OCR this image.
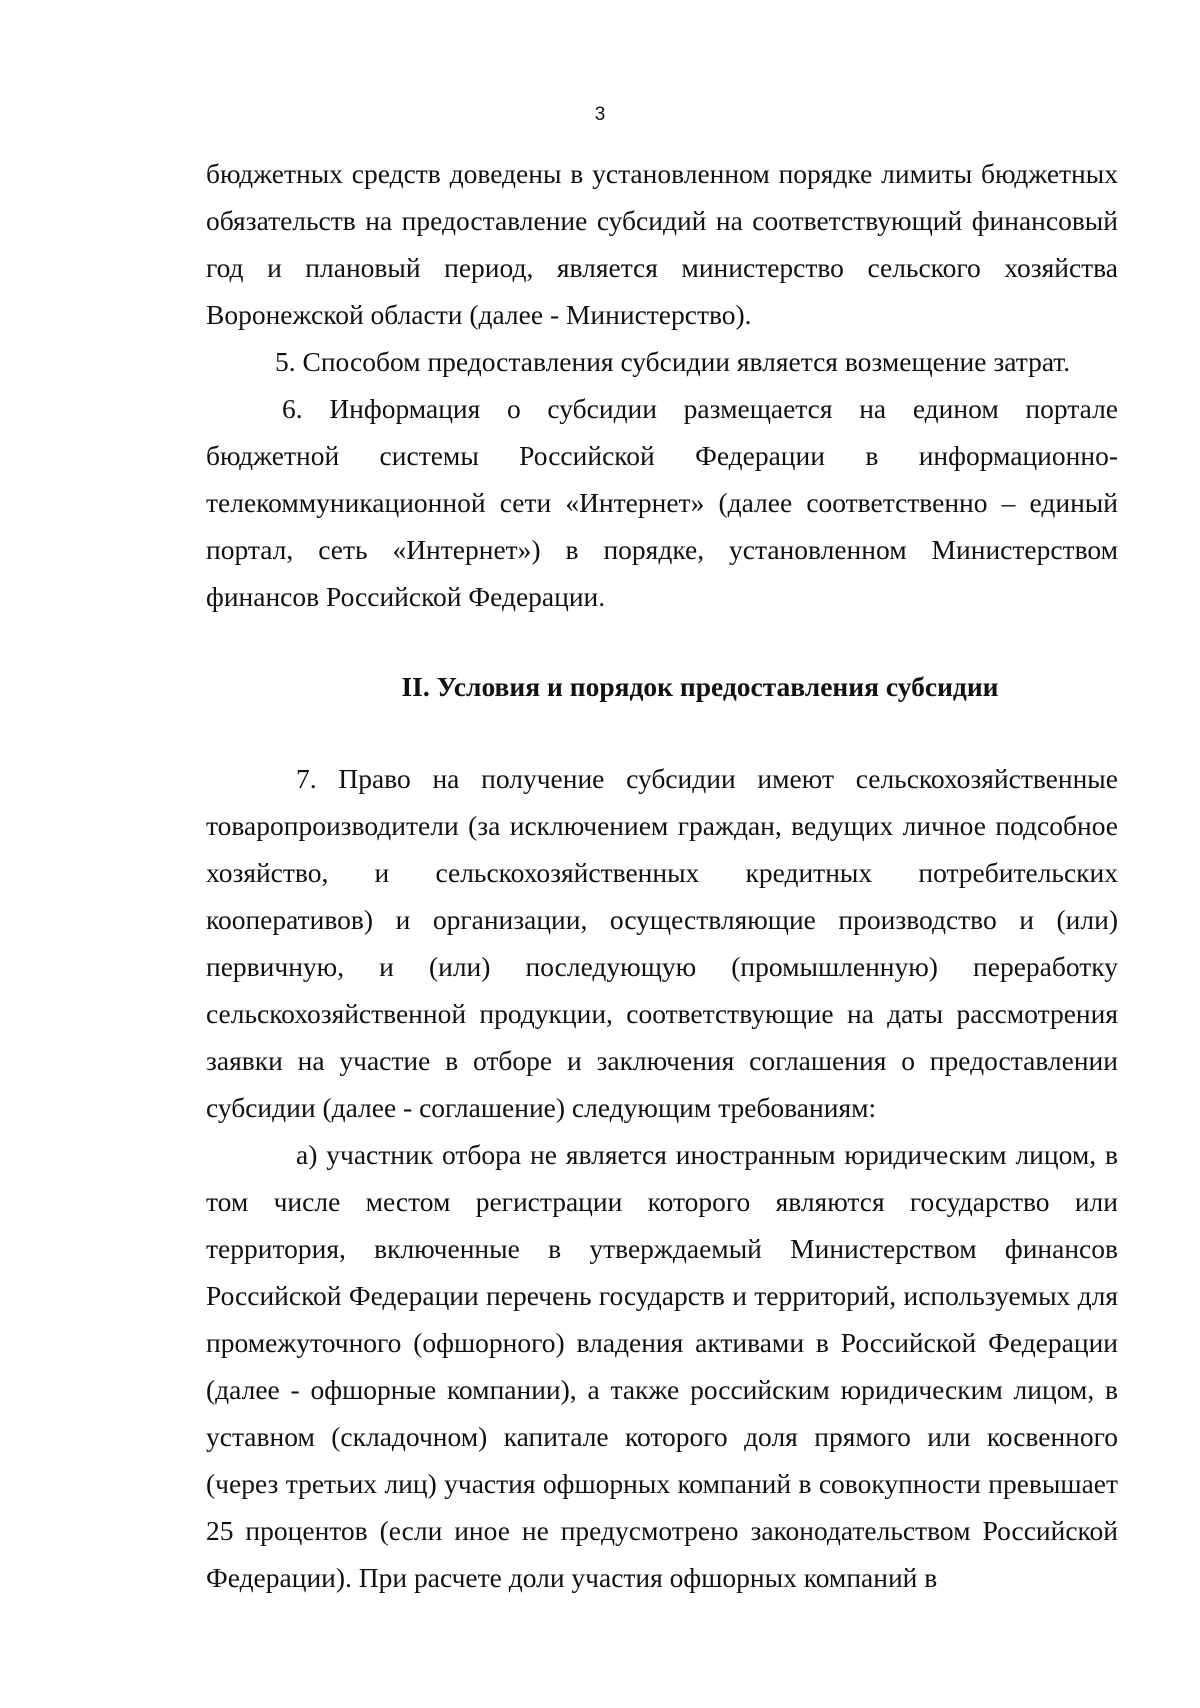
3

бюджетных средств доведены в установленном порядке лимиты бюджетных обязательств на предоставление субсидий на соответствующий финансовый год и плановый период, является министерство сельского хозяйства Воронежской области (далее - Министерство).

5. Способом предоставления субсидии является возмещение затрат.

6. Информация о субсидии размещается на едином портале бюджетной системы Российской Федерации в информационно-телекоммуникационной сети «Интернет» (далее соответственно – единый портал, сеть «Интернет») в порядке, установленном Министерством финансов Российской Федерации.

II. Условия и порядок предоставления субсидии

7. Право на получение субсидии имеют сельскохозяйственные товаропроизводители (за исключением граждан, ведущих личное подсобное хозяйство, и сельскохозяйственных кредитных потребительских кооперативов) и организации, осуществляющие производство и (или) первичную, и (или) последующую (промышленную) переработку сельскохозяйственной продукции, соответствующие на даты рассмотрения заявки на участие в отборе и заключения соглашения о предоставлении субсидии (далее - соглашение) следующим требованиям:

а) участник отбора не является иностранным юридическим лицом, в том числе местом регистрации которого являются государство или территория, включенные в утверждаемый Министерством финансов Российской Федерации перечень государств и территорий, используемых для промежуточного (офшорного) владения активами в Российской Федерации (далее - офшорные компании), а также российским юридическим лицом, в уставном (складочном) капитале которого доля прямого или косвенного (через третьих лиц) участия офшорных компаний в совокупности превышает 25 процентов (если иное не предусмотрено законодательством Российской Федерации). При расчете доли участия офшорных компаний в
